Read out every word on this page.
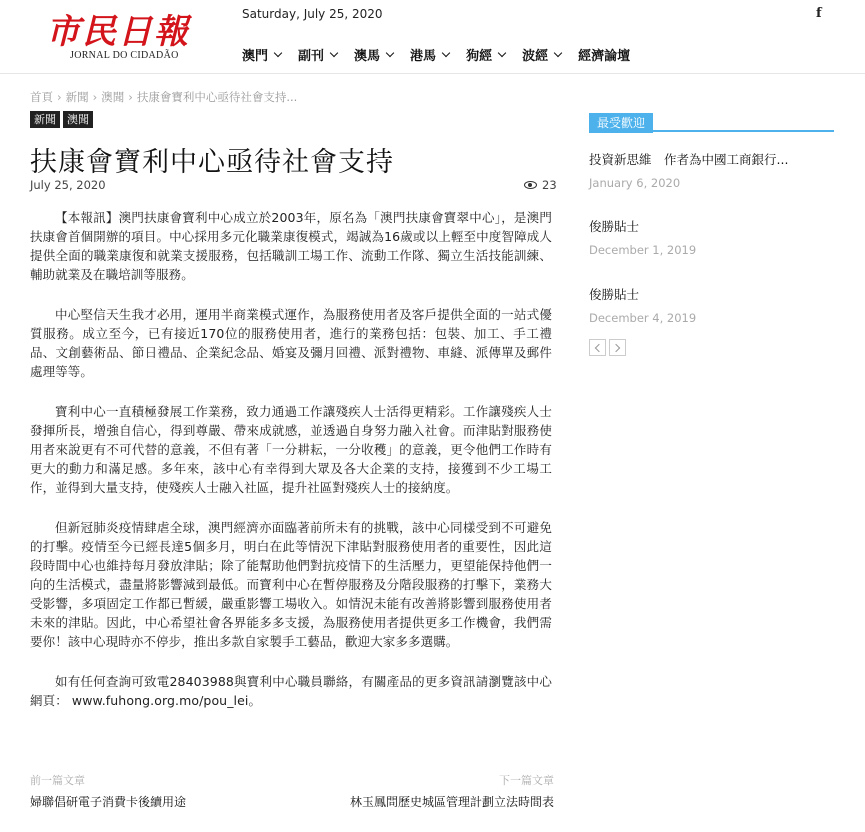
市民日報
JORNAL DO CIDADÃO
Saturday, July 25, 2020	f
澳門 副刊 澳馬 港馬 狗經 波經 經濟論壇
首頁 › 新聞 › 澳聞 › 扶康會寶利中心亟待社會支持...
新聞	澳聞
扶康會寶利中心亟待社會支持
July 25, 2020	23

【本報訊】澳門扶康會寶利中心成立於2003年，原名為「澳門扶康會寶翠中心」，是澳門扶康會首個開辦的項目。中心採用多元化職業康復模式，竭誠為16歲或以上輕至中度智障成人提供全面的職業康復和就業支援服務，包括職訓工場工作、流動工作隊、獨立生活技能訓練、輔助就業及在職培訓等服務。

中心堅信天生我才必用，運用半商業模式運作，為服務使用者及客戶提供全面的一站式優質服務。成立至今，已有接近170位的服務使用者，進行的業務包括：包裝、加工、手工禮品、文創藝術品、節日禮品、企業紀念品、婚宴及彌月回禮、派對禮物、車縫、派傳單及郵件處理等等。

寶利中心一直積極發展工作業務，致力通過工作讓殘疾人士活得更精彩。工作讓殘疾人士發揮所長，增強自信心，得到尊嚴、帶來成就感，並透過自身努力融入社會。而津貼對服務使用者來說更有不可代替的意義，不但有著「一分耕耘，一分收穫」的意義，更令他們工作時有更大的動力和滿足感。多年來，該中心有幸得到大眾及各大企業的支持，接獲到不少工場工作，並得到大量支持，使殘疾人士融入社區，提升社區對殘疾人士的接納度。

但新冠肺炎疫情肆虐全球，澳門經濟亦面臨著前所未有的挑戰，該中心同樣受到不可避免的打擊。疫情至今已經長達5個多月，明白在此等情況下津貼對服務使用者的重要性，因此這段時間中心也維持每月發放津貼；除了能幫助他們對抗疫情下的生活壓力，更望能保持他們一向的生活模式，盡量將影響減到最低。而寶利中心在暫停服務及分階段服務的打擊下，業務大受影響，多項固定工作都已暫緩，嚴重影響工場收入。如情況未能有改善將影響到服務使用者未來的津貼。因此，中心希望社會各界能多多支援，為服務使用者提供更多工作機會，我們需要你！該中心現時亦不停步，推出多款自家製手工藝品，歡迎大家多多選購。

如有任何查詢可致電28403988與寶利中心職員聯絡，有關產品的更多資訊請瀏覽該中心網頁： www.fuhong.org.mo/pou_lei。

前一篇文章	下一篇文章
婦聯倡研電子消費卡後續用途	林玉鳳問歷史城區管理計劃立法時間表
最受歡迎
投資新思維　作者為中國工商銀行...
January 6, 2020
俊勝貼士
December 1, 2019
俊勝貼士
December 4, 2019
